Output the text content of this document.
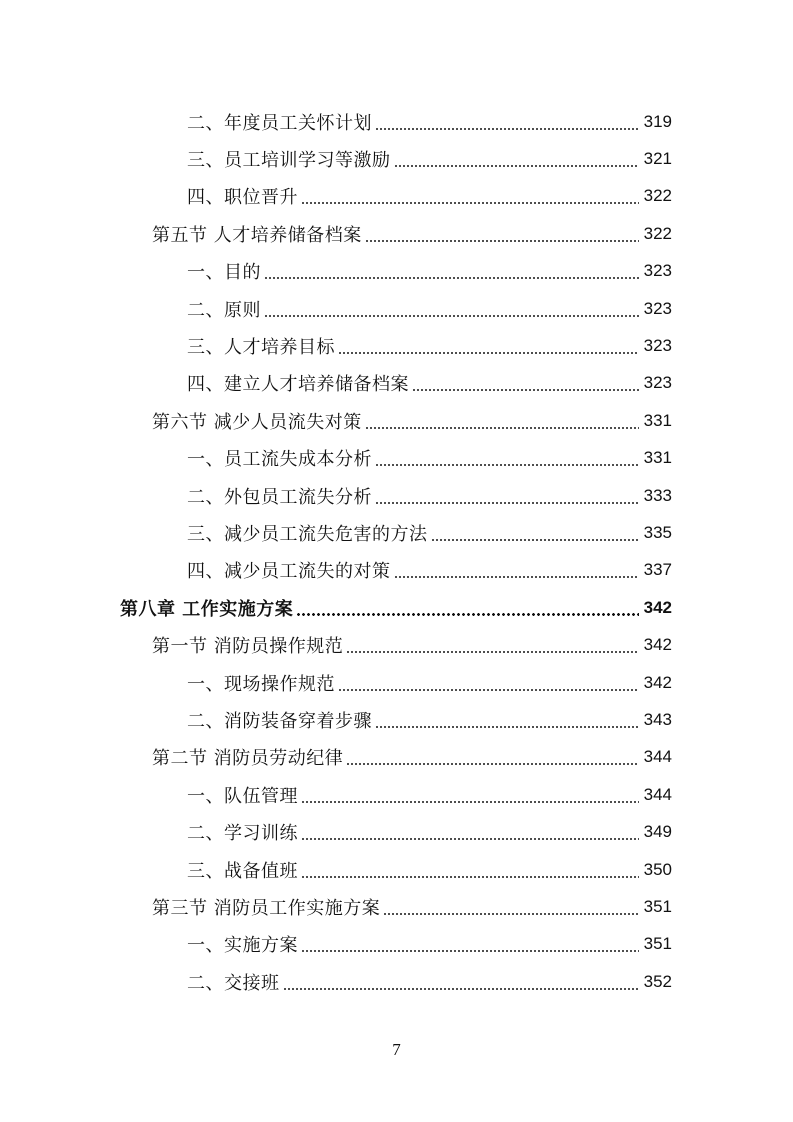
二、年度员工关怀计划	319
三、员工培训学习等激励	321
四、职位晋升	322
第五节 人才培养储备档案	322
一、目的	323
二、原则	323
三、人才培养目标	323
四、建立人才培养储备档案	323
第六节 减少人员流失对策	331
一、员工流失成本分析	331
二、外包员工流失分析	333
三、减少员工流失危害的方法	335
四、减少员工流失的对策	337
第八章 工作实施方案	342
第一节 消防员操作规范	342
一、现场操作规范	342
二、消防装备穿着步骤	343
第二节 消防员劳动纪律	344
一、队伍管理	344
二、学习训练	349
三、战备值班	350
第三节 消防员工作实施方案	351
一、实施方案	351
二、交接班	352
7
